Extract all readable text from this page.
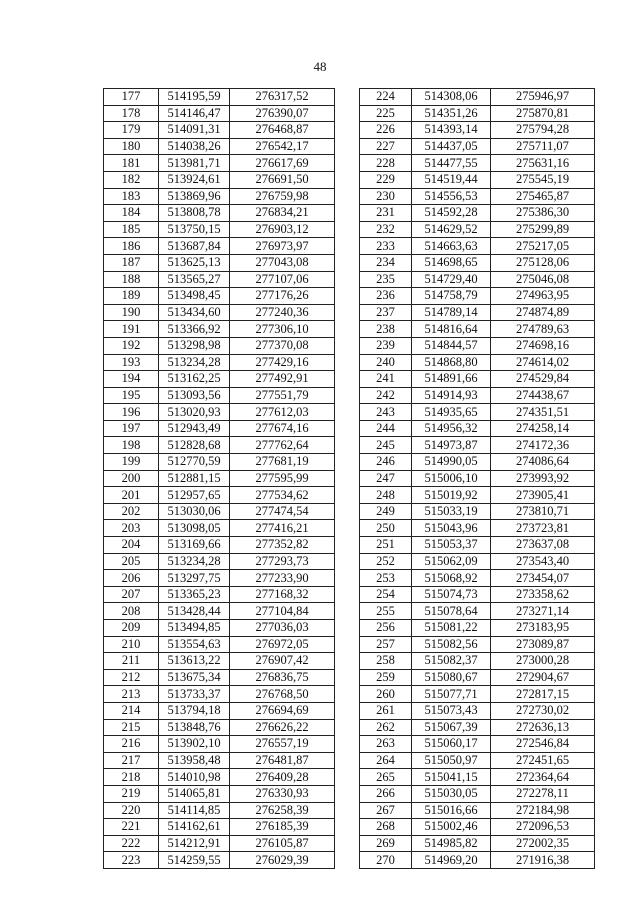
48
177	514195,59	276317,52
178	514146,47	276390,07
179	514091,31	276468,87
180	514038,26	276542,17
181	513981,71	276617,69
182	513924,61	276691,50
183	513869,96	276759,98
184	513808,78	276834,21
185	513750,15	276903,12
186	513687,84	276973,97
187	513625,13	277043,08
188	513565,27	277107,06
189	513498,45	277176,26
190	513434,60	277240,36
191	513366,92	277306,10
192	513298,98	277370,08
193	513234,28	277429,16
194	513162,25	277492,91
195	513093,56	277551,79
196	513020,93	277612,03
197	512943,49	277674,16
198	512828,68	277762,64
199	512770,59	277681,19
200	512881,15	277595,99
201	512957,65	277534,62
202	513030,06	277474,54
203	513098,05	277416,21
204	513169,66	277352,82
205	513234,28	277293,73
206	513297,75	277233,90
207	513365,23	277168,32
208	513428,44	277104,84
209	513494,85	277036,03
210	513554,63	276972,05
211	513613,22	276907,42
212	513675,34	276836,75
213	513733,37	276768,50
214	513794,18	276694,69
215	513848,76	276626,22
216	513902,10	276557,19
217	513958,48	276481,87
218	514010,98	276409,28
219	514065,81	276330,93
220	514114,85	276258,39
221	514162,61	276185,39
222	514212,91	276105,87
223	514259,55	276029,39
224	514308,06	275946,97
225	514351,26	275870,81
226	514393,14	275794,28
227	514437,05	275711,07
228	514477,55	275631,16
229	514519,44	275545,19
230	514556,53	275465,87
231	514592,28	275386,30
232	514629,52	275299,89
233	514663,63	275217,05
234	514698,65	275128,06
235	514729,40	275046,08
236	514758,79	274963,95
237	514789,14	274874,89
238	514816,64	274789,63
239	514844,57	274698,16
240	514868,80	274614,02
241	514891,66	274529,84
242	514914,93	274438,67
243	514935,65	274351,51
244	514956,32	274258,14
245	514973,87	274172,36
246	514990,05	274086,64
247	515006,10	273993,92
248	515019,92	273905,41
249	515033,19	273810,71
250	515043,96	273723,81
251	515053,37	273637,08
252	515062,09	273543,40
253	515068,92	273454,07
254	515074,73	273358,62
255	515078,64	273271,14
256	515081,22	273183,95
257	515082,56	273089,87
258	515082,37	273000,28
259	515080,67	272904,67
260	515077,71	272817,15
261	515073,43	272730,02
262	515067,39	272636,13
263	515060,17	272546,84
264	515050,97	272451,65
265	515041,15	272364,64
266	515030,05	272278,11
267	515016,66	272184,98
268	515002,46	272096,53
269	514985,82	272002,35
270	514969,20	271916,38
